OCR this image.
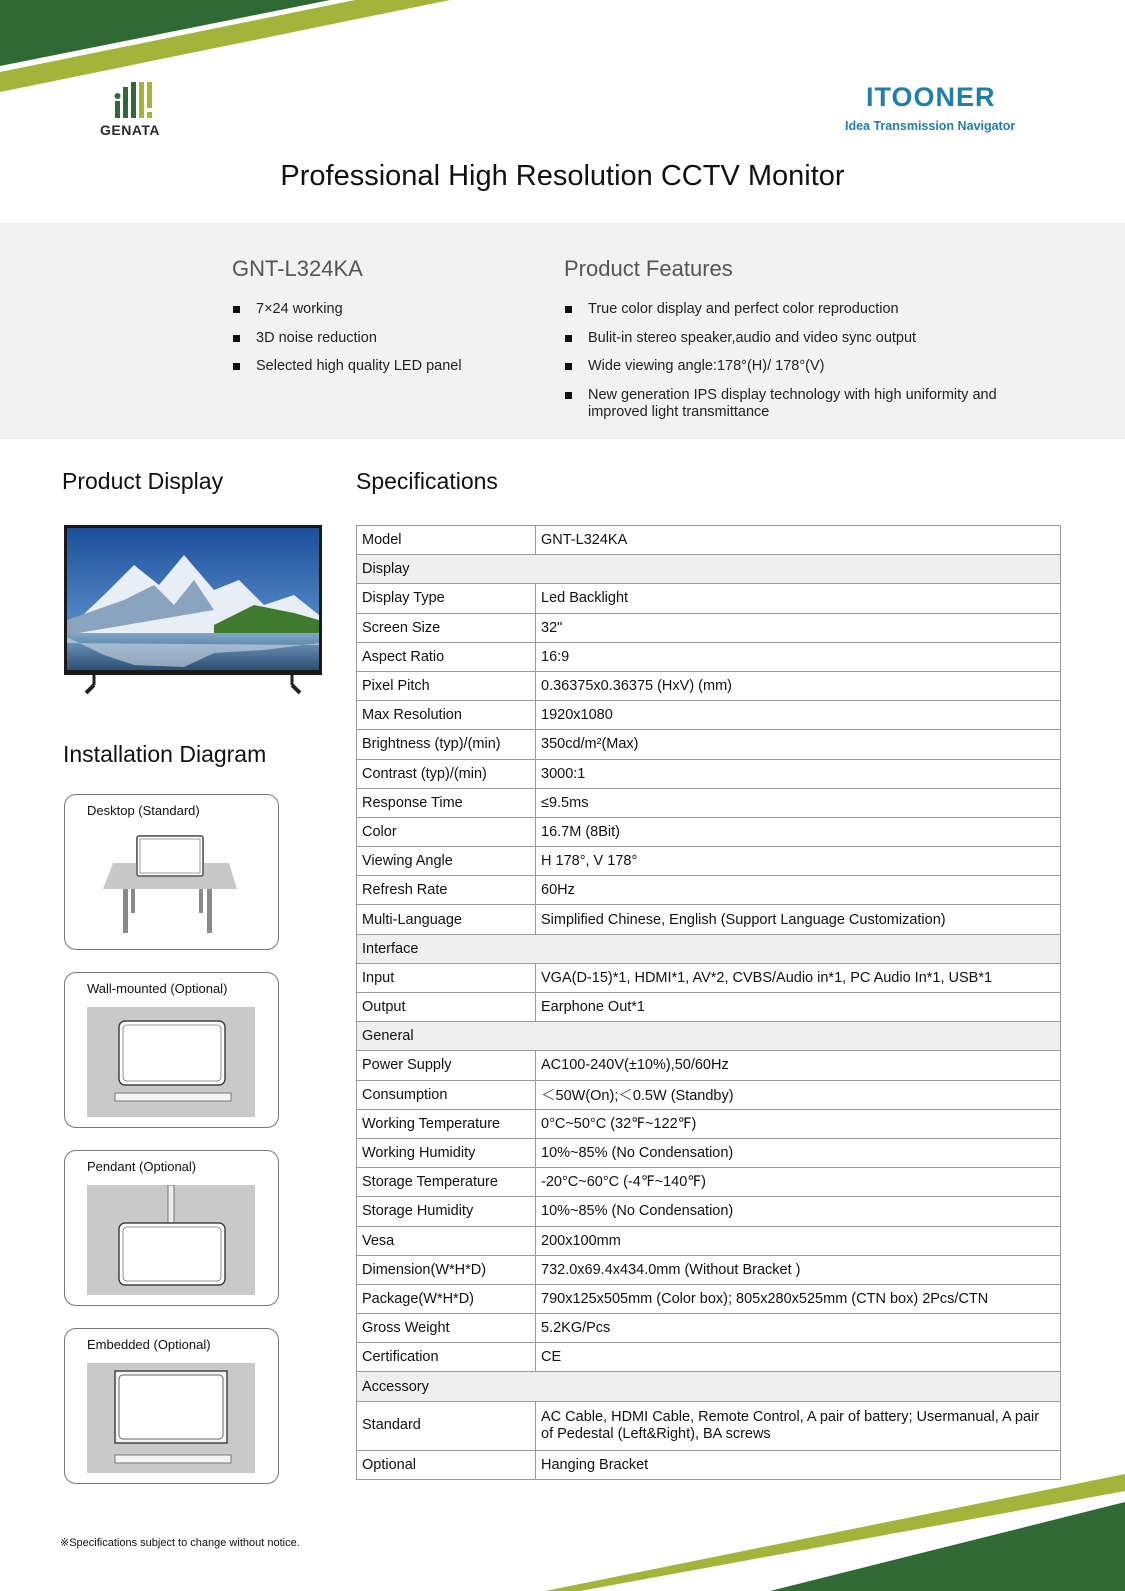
GENATA
ITOONER
Idea Transmission Navigator
Professional High Resolution CCTV Monitor
GNT-L324KA
7×24 working
3D noise reduction
Selected high quality LED panel
Product Features
True color display and perfect color reproduction
Bulit-in stereo speaker,audio and video sync output
Wide viewing angle:178°(H)/ 178°(V)
New generation IPS display technology with high uniformity and improved light transmittance
Product Display
Installation Diagram
Desktop (Standard)
Wall-mounted (Optional)
Pendant (Optional)
Embedded (Optional)
Specifications
Model	GNT-L324KA
Display	
Display Type	Led Backlight
Screen Size	32"
Aspect Ratio	16:9
Pixel Pitch	0.36375x0.36375 (HxV) (mm)
Max Resolution	1920x1080
Brightness (typ)/(min)	350cd/m²(Max)
Contrast (typ)/(min)	3000:1
Response Time	≤9.5ms
Color	16.7M (8Bit)
Viewing Angle	H 178°, V 178°
Refresh Rate	60Hz
Multi-Language	Simplified Chinese, English (Support Language Customization)
Interface	
Input	VGA(D-15)*1, HDMI*1, AV*2, CVBS/Audio in*1, PC Audio In*1, USB*1
Output	Earphone Out*1
General	
Power Supply	AC100-240V(±10%),50/60Hz
Consumption	＜50W(On);＜0.5W (Standby)
Working Temperature	0°C~50°C (32℉~122℉)
Working Humidity	10%~85% (No Condensation)
Storage Temperature	-20°C~60°C (-4℉~140℉)
Storage Humidity	10%~85% (No Condensation)
Vesa	200x100mm
Dimension(W*H*D)	732.0x69.4x434.0mm (Without Bracket )
Package(W*H*D)	790x125x505mm (Color box); 805x280x525mm (CTN box) 2Pcs/CTN
Gross Weight	5.2KG/Pcs
Certification	CE
Accessory	
Standard	AC Cable, HDMI Cable, Remote Control, A pair of battery; Usermanual, A pair of Pedestal (Left&Right), BA screws
Optional	Hanging Bracket
※Specifications subject to change without notice.
